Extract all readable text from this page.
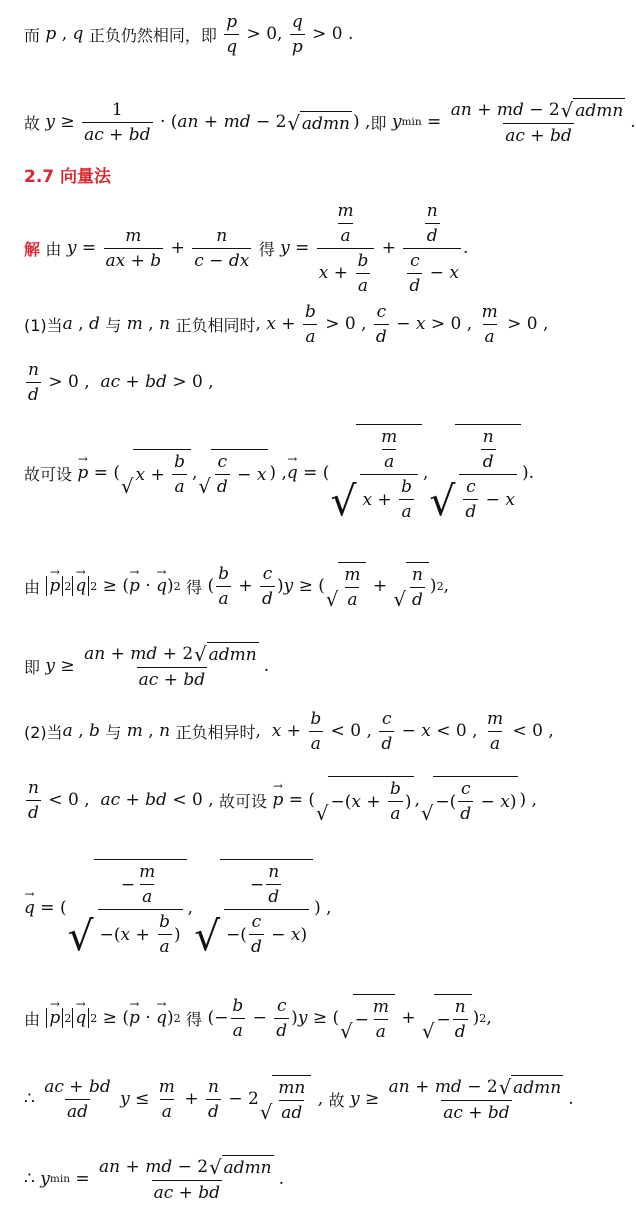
而
p , q
正负仍然相同，即
$\frac{p}{q} > 0$, $\frac{q}{p} > 0$ .
故
$y \ge \frac{1}{ac + bd}$ · ( an + md − 2 √ admn ) , 即
y $\min = \frac{\text{an + md − 2 √ admn}}{ac + bd}$ .
2.7 向量法
解
由
$y = \frac{m}{ax + b} + \frac{n}{c - dx}$
得
$y = \frac{\frac{m}{a}}{x + \frac{b}{a}} + \frac{\frac{n}{d}}{\frac{c}{d} - x}$ .
(1)当 a , d
与
m , n
正负相同时 , $x + \frac{b}{a} > 0$ , $\frac{c}{d} - x > 0$ , $\frac{m}{a} > 0$ ,
$\frac{n}{d} > 0$ , ac + bd > 0 ,
故可设
→ p = (
√
$x + \frac{b}{a}$ ,
√ $\frac{c}{d} - x$ ) , → q = (
√ $\frac{\frac{m}{a}}{x + \frac{b}{a}}$ ,
√ $\frac{\frac{n}{d}}{\frac{c}{d} - x}$ ).
由
→ p 2 → q 2 ≥ ( → p · → q ) 2
得 ( $\frac{b}{a} + \frac{c}{d}$ ) y ≥ (
√ $\frac{m}{a}$ +
√ $\frac{n}{d}$ ) 2 ,
即
$y \ge \frac{\text{an + md + 2 √ admn}}{ac + bd}$ .
(2)当 a , b
与
m , n
正负相异时 , $x + \frac{b}{a} < 0$ , $\frac{c}{d} - x < 0$ , $\frac{m}{a} < 0$ ,
$\frac{n}{d} < 0$ , ac + bd < 0 , 故可设
→ p = (
√
−( $x + \frac{b}{a}$ ) ,
√
−( $\frac{c}{d} - x$ ) ) ,
→ q = (
√ $\frac{- \frac{m}{a}}{-( x + \frac{b}{a} )}$ ,
√ $\frac{- \frac{n}{d}}{-( \frac{c}{d} - x )}$ ) ,
由
→ p 2 → q 2 ≥ ( → p · → q ) 2
得 (− $\frac{b}{a} - \frac{c}{d}$ ) y ≥ (
√
− $\frac{m}{a}$ +
√
− $\frac{n}{d}$ ) 2 ,
∴
$\frac{ac + bd}{ad}$
$y \le \frac{m}{a} + \frac{n}{d} - 2$
√ $\frac{mn}{ad}$ , 故
$y \ge \frac{\text{an + md − 2 √ admn}}{ac + bd}$ .
∴
y $\min = \frac{\text{an + md − 2 √ admn}}{ac + bd}$ .
